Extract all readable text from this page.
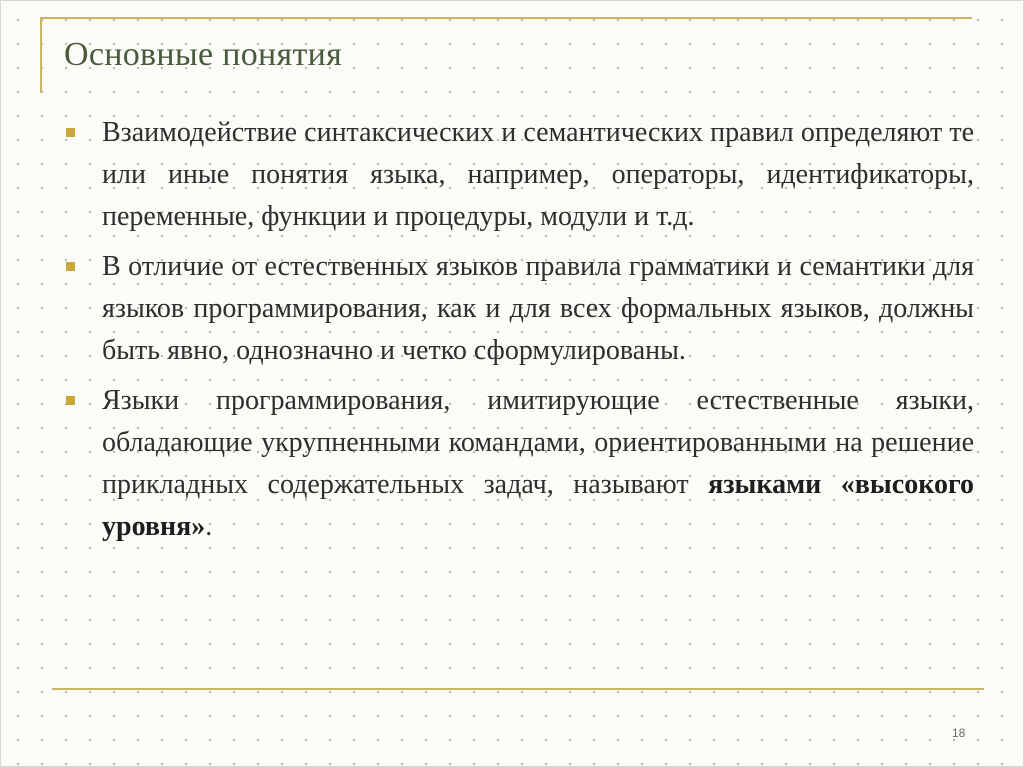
Основные понятия
Взаимодействие синтаксических и семантических правил определяют те или иные понятия языка, например, операторы, идентификаторы, переменные, функции и процедуры, модули и т.д.
В отличие от естественных языков правила грамматики и семантики для языков программирования, как и для всех формальных языков, должны быть явно, однозначно и четко сформулированы.
Языки программирования, имитирующие естественные языки, обладающие укрупненными командами, ориентированными на решение прикладных содержательных задач, называют языками «высокого уровня».
18
